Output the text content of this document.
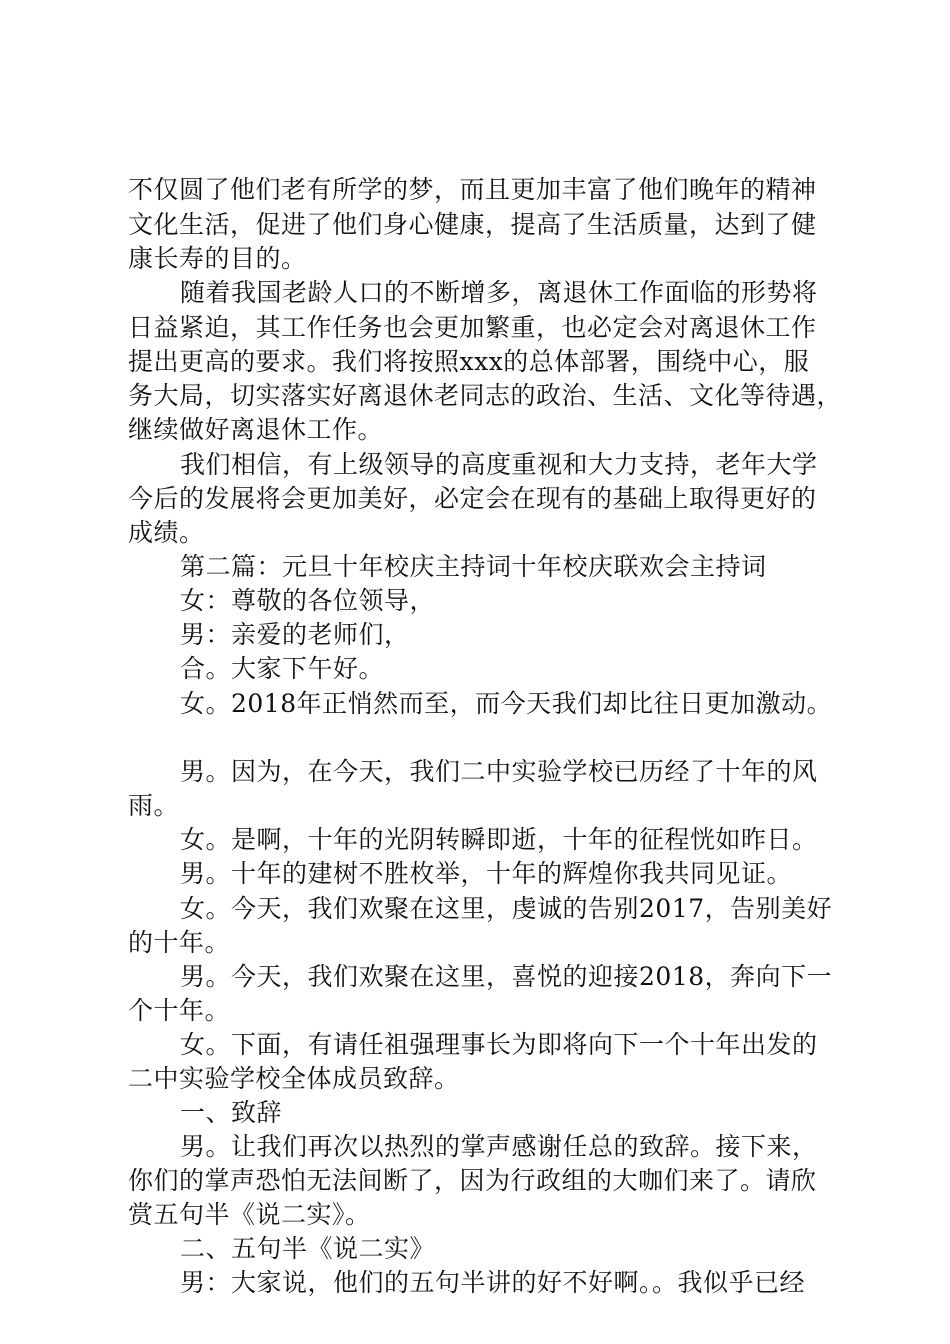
不仅圆了他们老有所学的梦，而且更加丰富了他们晚年的精神
文化生活，促进了他们身心健康，提高了生活质量，达到了健
康长寿的目的。
随着我国老龄人口的不断增多，离退休工作面临的形势将
日益紧迫，其工作任务也会更加繁重，也必定会对离退休工作
提出更高的要求。我们将按照xxx的总体部署，围绕中心，服
务大局，切实落实好离退休老同志的政治、生活、文化等待遇，
继续做好离退休工作。
我们相信，有上级领导的高度重视和大力支持，老年大学
今后的发展将会更加美好，必定会在现有的基础上取得更好的
成绩。
第二篇：元旦十年校庆主持词十年校庆联欢会主持词
女：尊敬的各位领导，
男：亲爱的老师们，
合。大家下午好。
女。2018年正悄然而至，而今天我们却比往日更加激动。
男。因为，在今天，我们二中实验学校已历经了十年的风
雨。
女。是啊，十年的光阴转瞬即逝，十年的征程恍如昨日。
男。十年的建树不胜枚举，十年的辉煌你我共同见证。
女。今天，我们欢聚在这里，虔诚的告别2017，告别美好
的十年。
男。今天，我们欢聚在这里，喜悦的迎接2018，奔向下一
个十年。
女。下面，有请任祖强理事长为即将向下一个十年出发的
二中实验学校全体成员致辞。
一、致辞
男。让我们再次以热烈的掌声感谢任总的致辞。接下来，
你们的掌声恐怕无法间断了，因为行政组的大咖们来了。请欣
赏五句半《说二实》。
二、五句半《说二实》
男：大家说，他们的五句半讲的好不好啊。。我似乎已经
